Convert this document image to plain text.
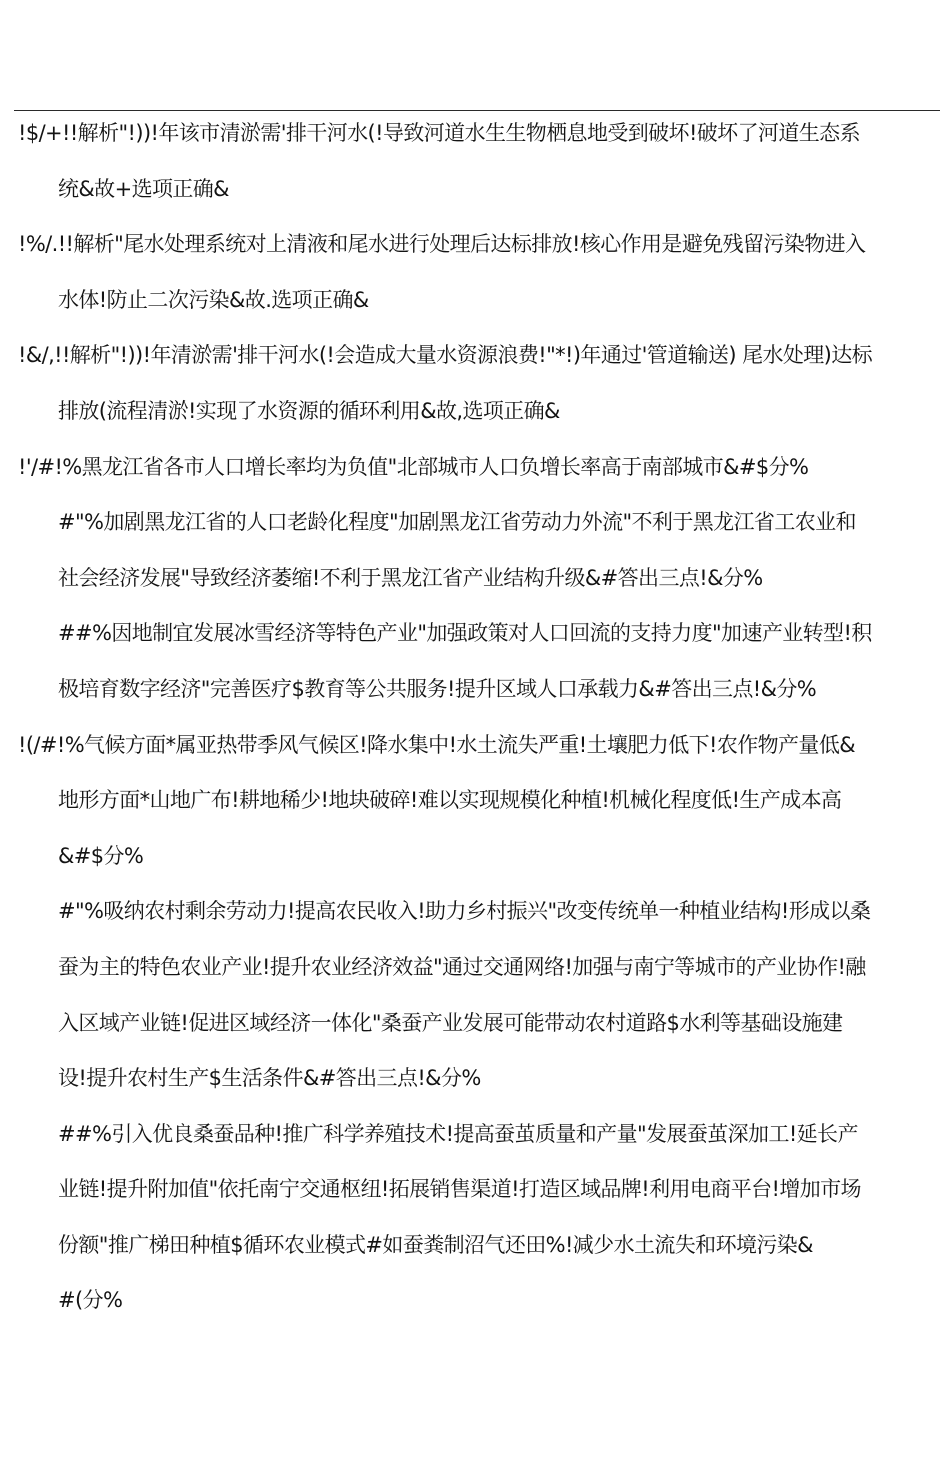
!$/+!!解析"!))!年该市清淤需'排干河水(!导致河道水生生物栖息地受到破坏!破坏了河道生态系
统&故+选项正确&
!%/.!!解析"尾水处理系统对上清液和尾水进行处理后达标排放!核心作用是避免残留污染物进入
水体!防止二次污染&故.选项正确&
!&/,!!解析"!))!年清淤需'排干河水(!会造成大量水资源浪费!"*!)年通过'管道输送) 尾水处理)达标
排放(流程清淤!实现了水资源的循环利用&故,选项正确&
!'/#!%黑龙江省各市人口增长率均为负值"北部城市人口负增长率高于南部城市&#$分%
#"%加剧黑龙江省的人口老龄化程度"加剧黑龙江省劳动力外流"不利于黑龙江省工农业和
社会经济发展"导致经济萎缩!不利于黑龙江省产业结构升级&#答出三点!&分%
##%因地制宜发展冰雪经济等特色产业"加强政策对人口回流的支持力度"加速产业转型!积
极培育数字经济"完善医疗$教育等公共服务!提升区域人口承载力&#答出三点!&分%
!(/#!%气候方面*属亚热带季风气候区!降水集中!水土流失严重!土壤肥力低下!农作物产量低&
地形方面*山地广布!耕地稀少!地块破碎!难以实现规模化种植!机械化程度低!生产成本高
&#$分%
#"%吸纳农村剩余劳动力!提高农民收入!助力乡村振兴"改变传统单一种植业结构!形成以桑
蚕为主的特色农业产业!提升农业经济效益"通过交通网络!加强与南宁等城市的产业协作!融
入区域产业链!促进区域经济一体化"桑蚕产业发展可能带动农村道路$水利等基础设施建
设!提升农村生产$生活条件&#答出三点!&分%
##%引入优良桑蚕品种!推广科学养殖技术!提高蚕茧质量和产量"发展蚕茧深加工!延长产
业链!提升附加值"依托南宁交通枢纽!拓展销售渠道!打造区域品牌!利用电商平台!增加市场
份额"推广梯田种植$循环农业模式#如蚕粪制沼气还田%!减少水土流失和环境污染&
#(分%
